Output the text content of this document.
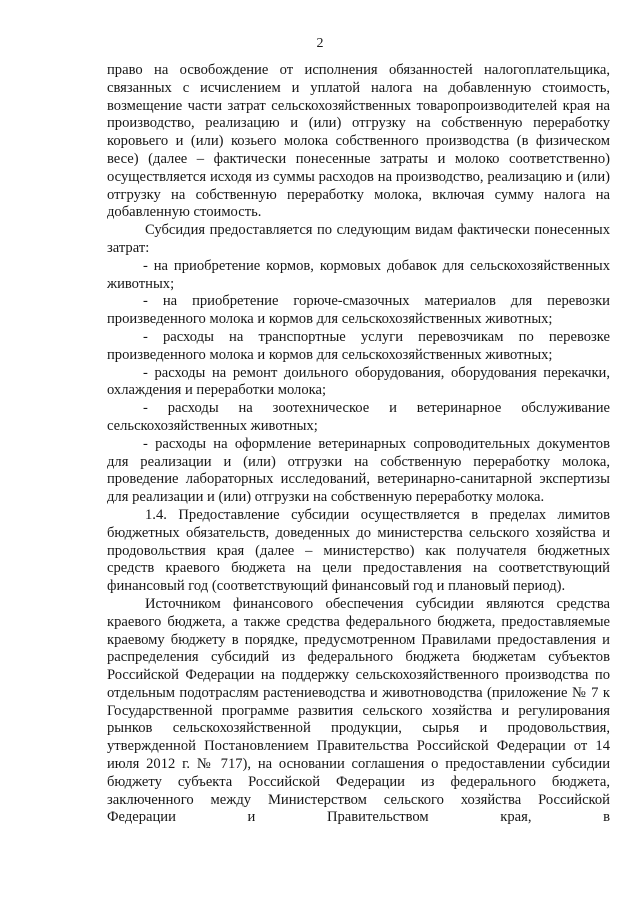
2

право на освобождение от исполнения обязанностей налогоплательщика, связанных с исчислением и уплатой налога на добавленную стоимость, возмещение части затрат сельскохозяйственных товаропроизводителей края на производство, реализацию и (или) отгрузку на собственную переработку коровьего и (или) козьего молока собственного производства (в физическом весе) (далее – фактически понесенные затраты и молоко соответственно) осуществляется исходя из суммы расходов на производство, реализацию и (или) отгрузку на собственную переработку молока, включая сумму налога на добавленную стоимость.

Субсидия предоставляется по следующим видам фактически понесенных затрат:

- на приобретение кормов, кормовых добавок для сельскохозяйственных животных;

- на приобретение горюче-смазочных материалов для перевозки произведенного молока и кормов для сельскохозяйственных животных;

- расходы на транспортные услуги перевозчикам по перевозке произведенного молока и кормов для сельскохозяйственных животных;

- расходы на ремонт доильного оборудования, оборудования перекачки, охлаждения и переработки молока;

- расходы на зоотехническое и ветеринарное обслуживание сельскохозяйственных животных;

- расходы на оформление ветеринарных сопроводительных документов для реализации и (или) отгрузки на собственную переработку молока, проведение лабораторных исследований, ветеринарно-санитарной экспертизы для реализации и (или) отгрузки на собственную переработку молока.

1.4. Предоставление субсидии осуществляется в пределах лимитов бюджетных обязательств, доведенных до министерства сельского хозяйства и продовольствия края (далее – министерство) как получателя бюджетных средств краевого бюджета на цели предоставления на соответствующий финансовый год (соответствующий финансовый год и плановый период).

Источником финансового обеспечения субсидии являются средства краевого бюджета, а также средства федерального бюджета, предоставляемые краевому бюджету в порядке, предусмотренном Правилами предоставления и распределения субсидий из федерального бюджета бюджетам субъектов Российской Федерации на поддержку сельскохозяйственного производства по отдельным подотраслям растениеводства и животноводства (приложение № 7 к Государственной программе развития сельского хозяйства и регулирования рынков сельскохозяйственной продукции, сырья и продовольствия, утвержденной Постановлением Правительства Российской Федерации от 14 июля 2012 г. № 717), на основании соглашения о предоставлении субсидии бюджету субъекта Российской Федерации из федерального бюджета, заключенного между Министерством сельского хозяйства Российской Федерации и Правительством края, в
